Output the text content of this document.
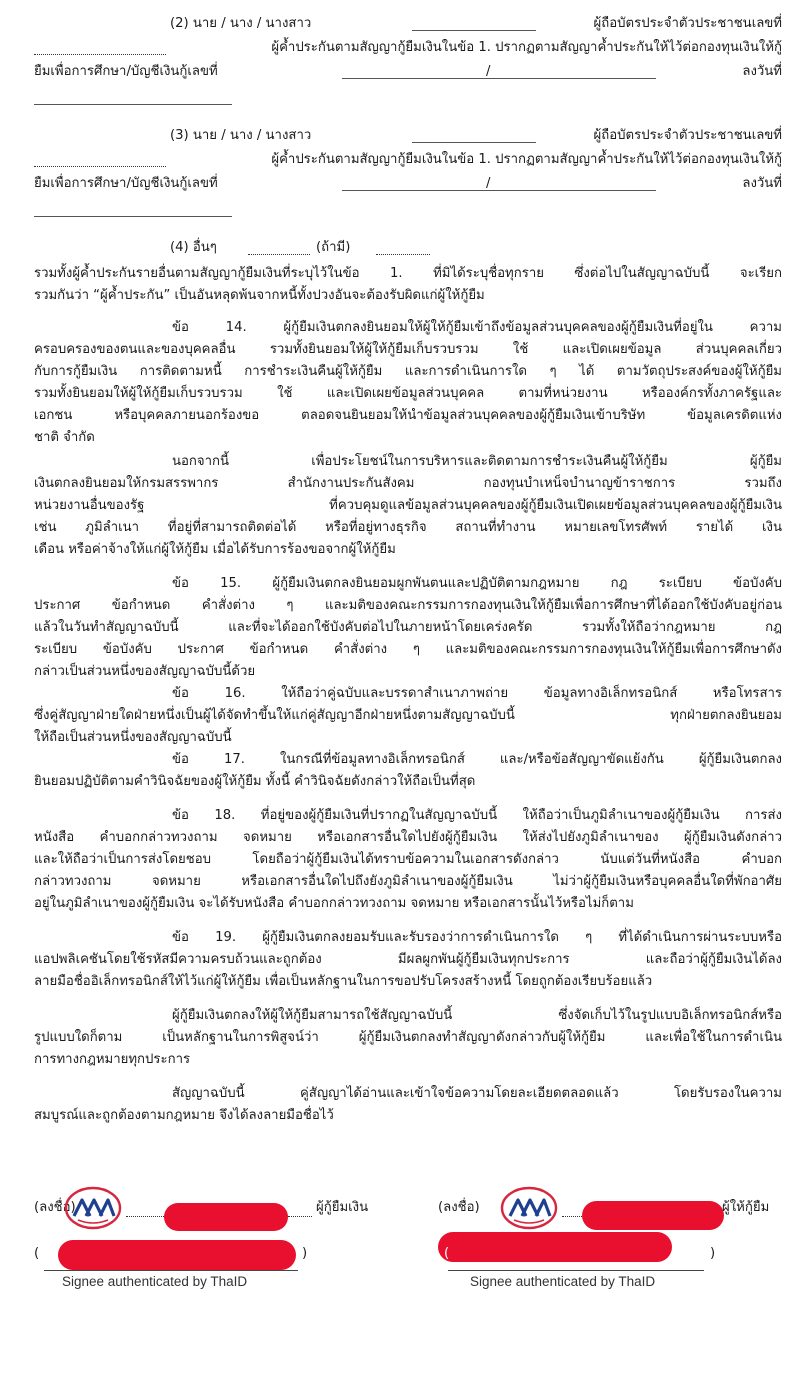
(2) นาย / นาง / นางสาว	ผู้ถือบัตรประจำตัวประชาชนเลขที่
ผู้ค้ำประกันตามสัญญากู้ยืมเงินในข้อ 1. ปรากฏตามสัญญาค้ำประกันให้ไว้ต่อกองทุนเงินให้กู้
ยืมเพื่อการศึกษา/บัญชีเงินกู้เลขที่	/	ลงวันที่
(3) นาย / นาง / นางสาว	ผู้ถือบัตรประจำตัวประชาชนเลขที่
ผู้ค้ำประกันตามสัญญากู้ยืมเงินในข้อ 1. ปรากฏตามสัญญาค้ำประกันให้ไว้ต่อกองทุนเงินให้กู้
ยืมเพื่อการศึกษา/บัญชีเงินกู้เลขที่	/	ลงวันที่
(4) อื่นๆ	(ถ้ามี)
รวมทั้งผู้ค้ำประกันรายอื่นตามสัญญากู้ยืมเงินที่ระบุไว้ในข้อ 1. ที่มิได้ระบุชื่อทุกราย ซึ่งต่อไปในสัญญาฉบับนี้ จะเรียก
รวมกันว่า “ผู้ค้ำประกัน” เป็นอันหลุดพ้นจากหนี้ทั้งปวงอันจะต้องรับผิดแก่ผู้ให้กู้ยืม
ข้อ 14. ผู้กู้ยืมเงินตกลงยินยอมให้ผู้ให้กู้ยืมเข้าถึงข้อมูลส่วนบุคคลของผู้กู้ยืมเงินที่อยู่ใน ความ
ครอบครองของตนและของบุคคลอื่น รวมทั้งยินยอมให้ผู้ให้กู้ยืมเก็บรวบรวม ใช้ และเปิดเผยข้อมูล ส่วนบุคคลเกี่ยว
กับการกู้ยืมเงิน การติดตามหนี้ การชำระเงินคืนผู้ให้กู้ยืม และการดำเนินการใด ๆ ได้ ตามวัตถุประสงค์ของผู้ให้กู้ยืม
รวมทั้งยินยอมให้ผู้ให้กู้ยืมเก็บรวบรวม ใช้ และเปิดเผยข้อมูลส่วนบุคคล ตามที่หน่วยงาน หรือองค์กรทั้งภาครัฐและ
เอกชน หรือบุคคลภายนอกร้องขอ ตลอดจนยินยอมให้นำข้อมูลส่วนบุคคลของผู้กู้ยืมเงินเข้าบริษัท ข้อมูลเครดิตแห่ง
ชาติ จำกัด
นอกจากนี้ เพื่อประโยชน์ในการบริหารและติดตามการชำระเงินคืนผู้ให้กู้ยืม ผู้กู้ยืม
เงินตกลงยินยอมให้กรมสรรพากร สำนักงานประกันสังคม กองทุนบำเหน็จบำนาญข้าราชการ รวมถึง
หน่วยงานอื่นของรัฐ ที่ควบคุมดูแลข้อมูลส่วนบุคคลของผู้กู้ยืมเงินเปิดเผยข้อมูลส่วนบุคคลของผู้กู้ยืมเงิน
เช่น ภูมิลำเนา ที่อยู่ที่สามารถติดต่อได้ หรือที่อยู่ทางธุรกิจ สถานที่ทำงาน หมายเลขโทรศัพท์ รายได้ เงิน
เดือน หรือค่าจ้างให้แก่ผู้ให้กู้ยืม เมื่อได้รับการร้องขอจากผู้ให้กู้ยืม
ข้อ 15. ผู้กู้ยืมเงินตกลงยินยอมผูกพันตนและปฏิบัติตามกฎหมาย กฎ ระเบียบ ข้อบังคับ
ประกาศ ข้อกำหนด คำสั่งต่าง ๆ และมติของคณะกรรมการกองทุนเงินให้กู้ยืมเพื่อการศึกษาที่ได้ออกใช้บังคับอยู่ก่อน
แล้วในวันทำสัญญาฉบับนี้ และที่จะได้ออกใช้บังคับต่อไปในภายหน้าโดยเคร่งครัด รวมทั้งให้ถือว่ากฎหมาย กฎ
ระเบียบ ข้อบังคับ ประกาศ ข้อกำหนด คำสั่งต่าง ๆ และมติของคณะกรรมการกองทุนเงินให้กู้ยืมเพื่อการศึกษาดัง
กล่าวเป็นส่วนหนึ่งของสัญญาฉบับนี้ด้วย
ข้อ 16. ให้ถือว่าคู่ฉบับและบรรดาสำเนาภาพถ่าย ข้อมูลทางอิเล็กทรอนิกส์ หรือโทรสาร
ซึ่งคู่สัญญาฝ่ายใดฝ่ายหนึ่งเป็นผู้ได้จัดทำขึ้นให้แก่คู่สัญญาอีกฝ่ายหนึ่งตามสัญญาฉบับนี้ ทุกฝ่ายตกลงยินยอม
ให้ถือเป็นส่วนหนึ่งของสัญญาฉบับนี้
ข้อ 17. ในกรณีที่ข้อมูลทางอิเล็กทรอนิกส์ และ/หรือข้อสัญญาขัดแย้งกัน ผู้กู้ยืมเงินตกลง
ยินยอมปฏิบัติตามคำวินิจฉัยของผู้ให้กู้ยืม ทั้งนี้ คำวินิจฉัยดังกล่าวให้ถือเป็นที่สุด
ข้อ 18. ที่อยู่ของผู้กู้ยืมเงินที่ปรากฏในสัญญาฉบับนี้ ให้ถือว่าเป็นภูมิลำเนาของผู้กู้ยืมเงิน การส่ง
หนังสือ คำบอกกล่าวทวงถาม จดหมาย หรือเอกสารอื่นใดไปยังผู้กู้ยืมเงิน ให้ส่งไปยังภูมิลำเนาของ ผู้กู้ยืมเงินดังกล่าว
และให้ถือว่าเป็นการส่งโดยชอบ โดยถือว่าผู้กู้ยืมเงินได้ทราบข้อความในเอกสารดังกล่าว นับแต่วันที่หนังสือ คำบอก
กล่าวทวงถาม จดหมาย หรือเอกสารอื่นใดไปถึงยังภูมิลำเนาของผู้กู้ยืมเงิน ไม่ว่าผู้กู้ยืมเงินหรือบุคคลอื่นใดที่พักอาศัย
อยู่ในภูมิลำเนาของผู้กู้ยืมเงิน จะได้รับหนังสือ คำบอกกล่าวทวงถาม จดหมาย หรือเอกสารนั้นไว้หรือไม่ก็ตาม
ข้อ 19. ผู้กู้ยืมเงินตกลงยอมรับและรับรองว่าการดำเนินการใด ๆ ที่ได้ดำเนินการผ่านระบบหรือ
แอปพลิเคชันโดยใช้รหัสมีความครบถ้วนและถูกต้อง มีผลผูกพันผู้กู้ยืมเงินทุกประการ และถือว่าผู้กู้ยืมเงินได้ลง
ลายมือชื่ออิเล็กทรอนิกส์ให้ไว้แก่ผู้ให้กู้ยืม เพื่อเป็นหลักฐานในการขอปรับโครงสร้างหนี้ โดยถูกต้องเรียบร้อยแล้ว
ผู้กู้ยืมเงินตกลงให้ผู้ให้กู้ยืมสามารถใช้สัญญาฉบับนี้ ซึ่งจัดเก็บไว้ในรูปแบบอิเล็กทรอนิกส์หรือ
รูปแบบใดก็ตาม เป็นหลักฐานในการพิสูจน์ว่า ผู้กู้ยืมเงินตกลงทำสัญญาดังกล่าวกับผู้ให้กู้ยืม และเพื่อใช้ในการดำเนิน
การทางกฎหมายทุกประการ
สัญญาฉบับนี้ คู่สัญญาได้อ่านและเข้าใจข้อความโดยละเอียดตลอดแล้ว โดยรับรองในความ
สมบูรณ์และถูกต้องตามกฎหมาย จึงได้ลงลายมือชื่อไว้
(ลงชื่อ)	ผู้กู้ยืมเงิน
(	)
Signee authenticated by ThaID
(ลงชื่อ)	ผู้ให้กู้ยืม
)
(
Signee authenticated by ThaID
